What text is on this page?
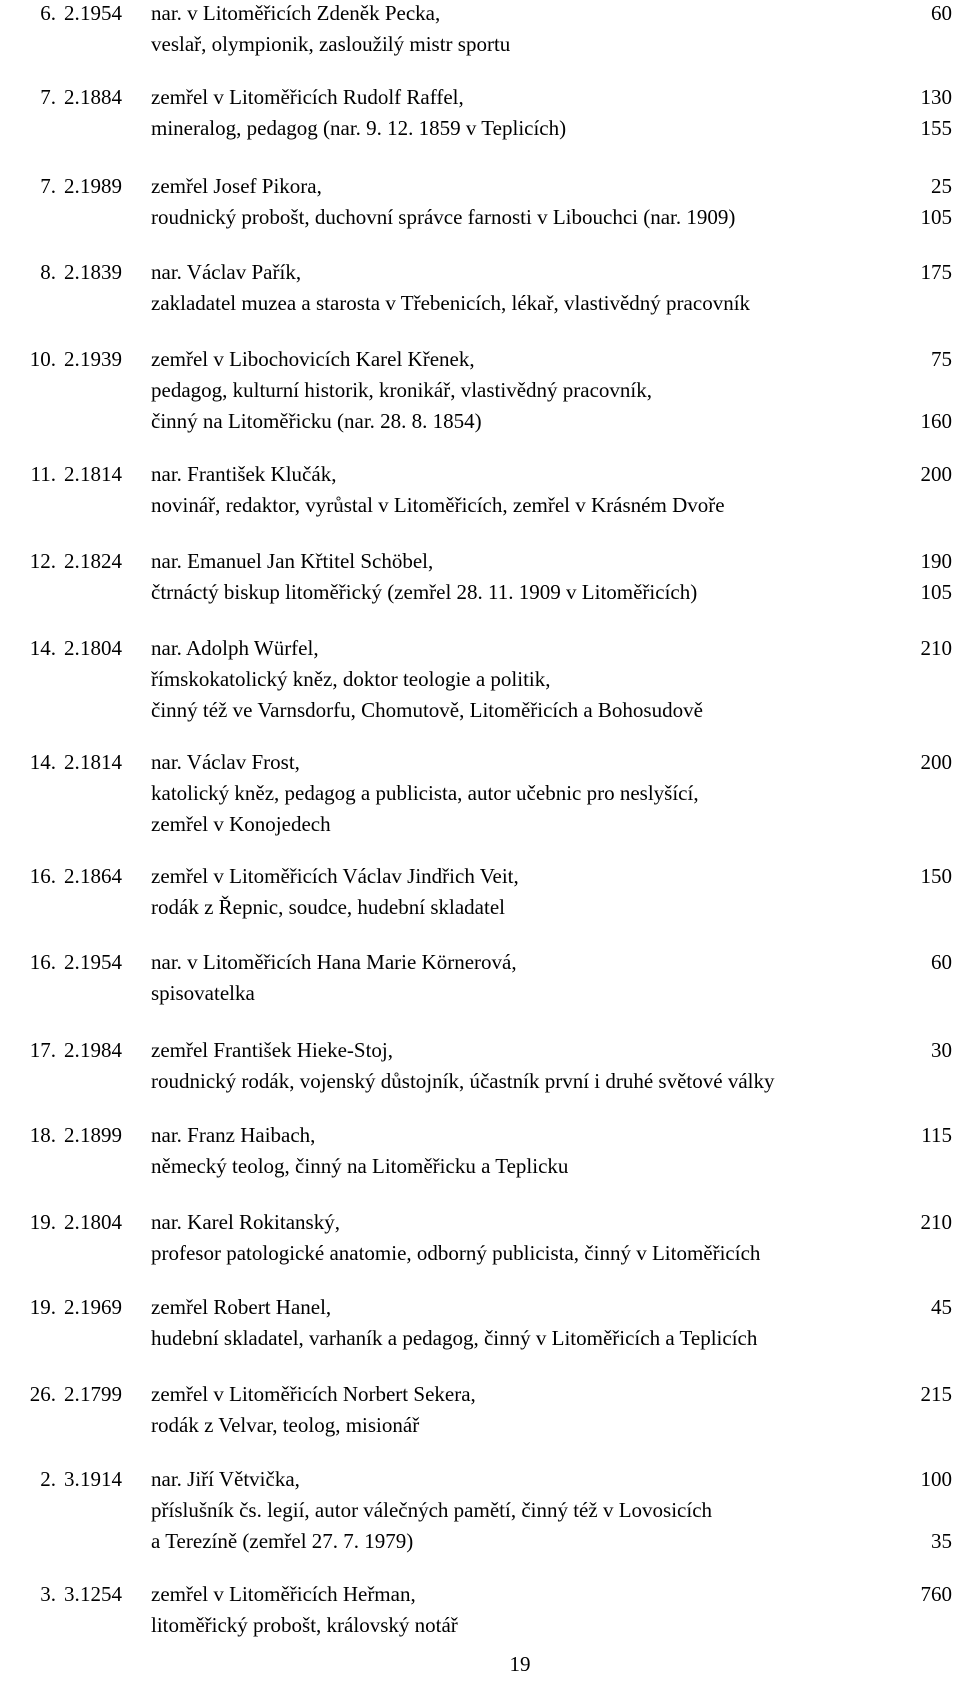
6. 2. 1954 nar. v Litoměřicích Zdeněk Pecka,	60
veslař, olympionik, zasloužilý mistr sportu
7. 2. 1884 zemřel v Litoměřicích Rudolf Raffel,	130
mineralog, pedagog (nar. 9. 12. 1859 v Teplicích)	155
7. 2. 1989 zemřel Josef Pikora,	25
roudnický probošt, duchovní správce farnosti v Libouchci (nar. 1909)	105
8. 2. 1839 nar. Václav Pařík,	175
zakladatel muzea a starosta v Třebenicích, lékař, vlastivědný pracovník
10. 2. 1939 zemřel v Libochovicích Karel Křenek,	75
pedagog, kulturní historik, kronikář, vlastivědný pracovník,
činný na Litoměřicku (nar. 28. 8. 1854)	160
11. 2. 1814 nar. František Klučák,	200
novinář, redaktor, vyrůstal v Litoměřicích, zemřel v Krásném Dvoře
12. 2. 1824 nar. Emanuel Jan Křtitel Schöbel,	190
čtrnáctý biskup litoměřický (zemřel 28. 11. 1909 v Litoměřicích)	105
14. 2. 1804 nar. Adolph Würfel,	210
římskokatolický kněz, doktor teologie a politik,
činný též ve Varnsdorfu, Chomutově, Litoměřicích a Bohosudově
14. 2. 1814 nar. Václav Frost,	200
katolický kněz, pedagog a publicista, autor učebnic pro neslyšící,
zemřel v Konojedech
16. 2. 1864 zemřel v Litoměřicích Václav Jindřich Veit,	150
rodák z Řepnic, soudce, hudební skladatel
16. 2. 1954 nar. v Litoměřicích Hana Marie Körnerová,	60
spisovatelka
17. 2. 1984 zemřel František Hieke-Stoj,	30
roudnický rodák, vojenský důstojník, účastník první i druhé světové války
18. 2. 1899 nar. Franz Haibach,	115
německý teolog, činný na Litoměřicku a Teplicku
19. 2. 1804 nar. Karel Rokitanský,	210
profesor patologické anatomie, odborný publicista, činný v Litoměřicích
19. 2. 1969 zemřel Robert Hanel,	45
hudební skladatel, varhaník a pedagog, činný v Litoměřicích a Teplicích
26. 2. 1799 zemřel v Litoměřicích Norbert Sekera,	215
rodák z Velvar, teolog, misionář
2. 3. 1914 nar. Jiří Větvička,	100
příslušník čs. legií, autor válečných pamětí, činný též v Lovosicích
a Terezíně (zemřel 27. 7. 1979)	35
3. 3. 1254 zemřel v Litoměřicích Heřman,	760
litoměřický probošt, královský notář
19
